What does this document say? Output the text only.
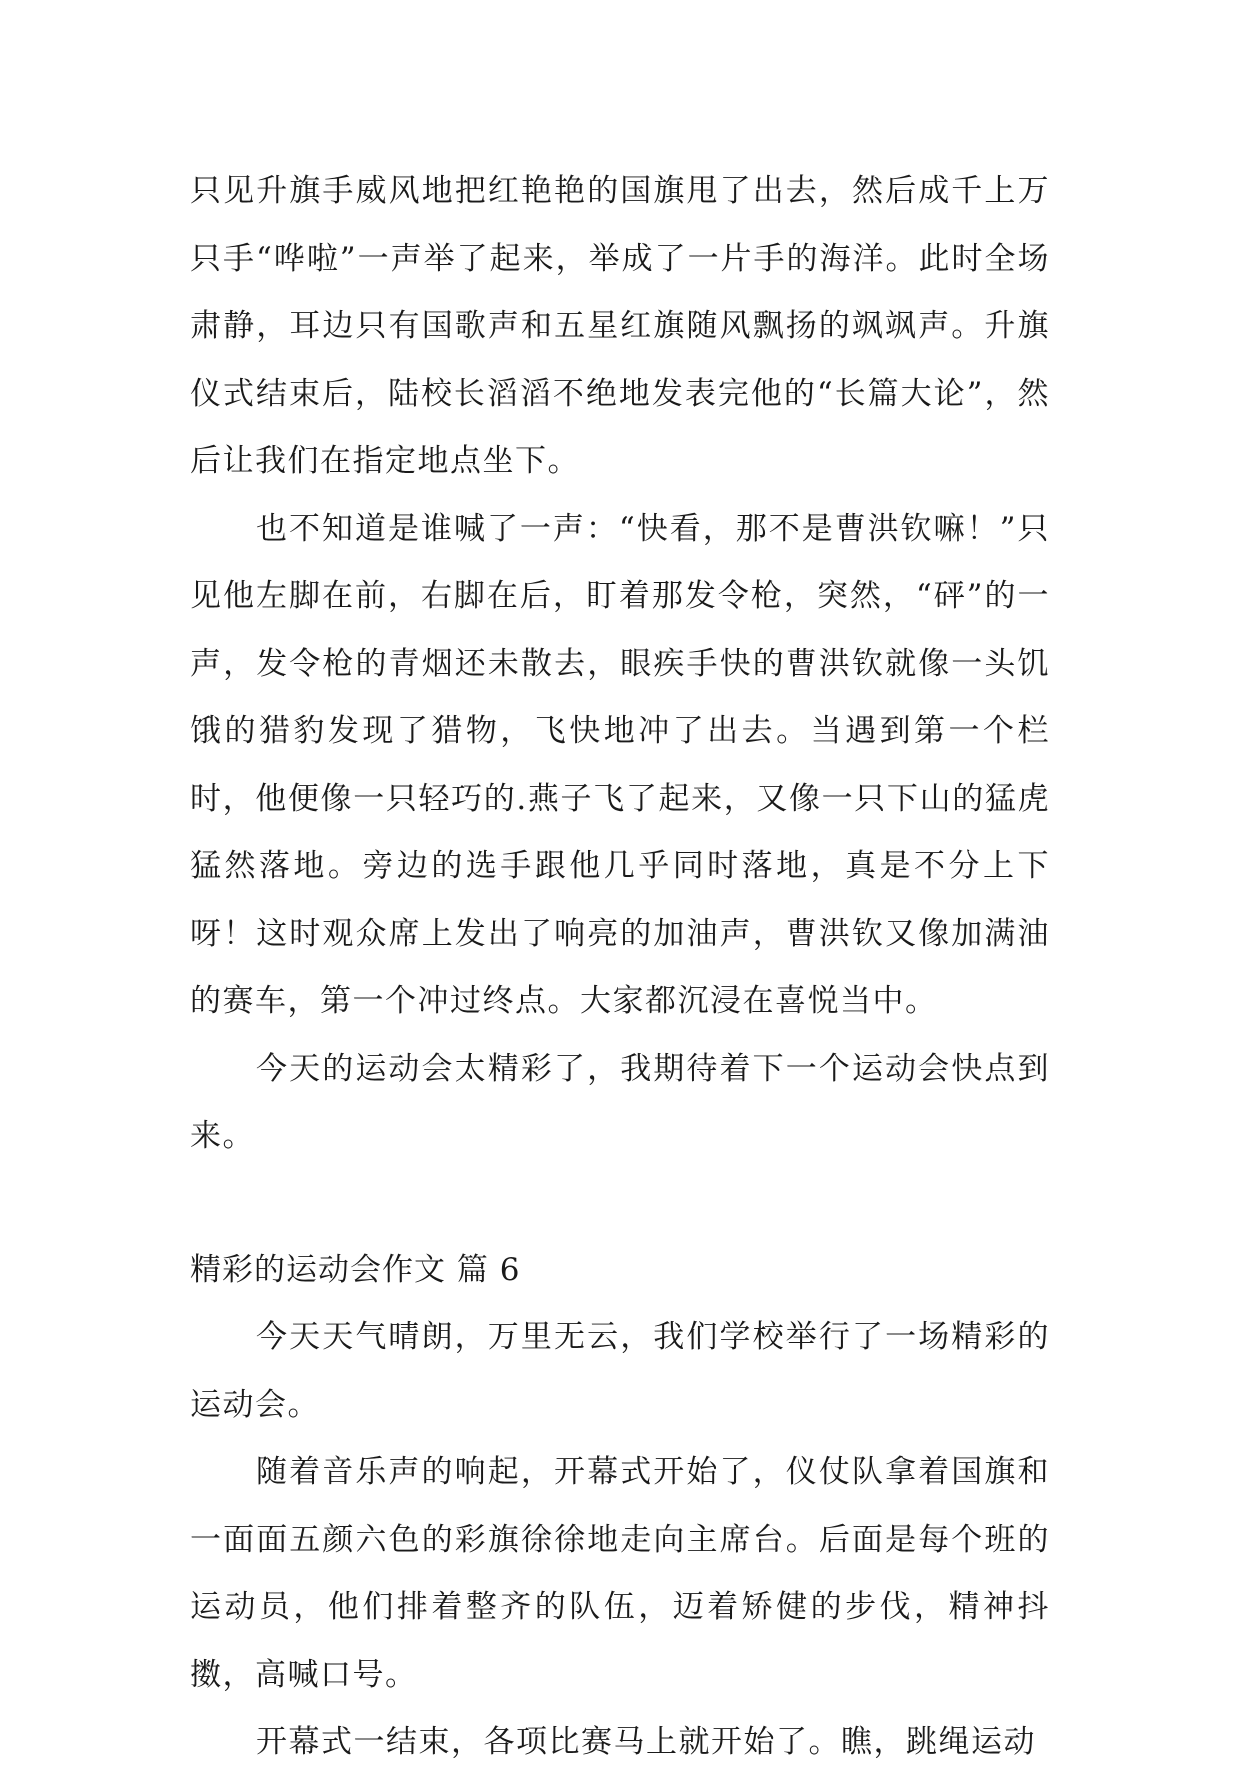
只见升旗手威风地把红艳艳的国旗甩了出去，然后成千上万只手“哗啦”一声举了起来，举成了一片手的海洋。此时全场肃静，耳边只有国歌声和五星红旗随风飘扬的飒飒声。升旗仪式结束后，陆校长滔滔不绝地发表完他的“长篇大论”，然后让我们在指定地点坐下。

也不知道是谁喊了一声：“快看，那不是曹洪钦嘛！”只见他左脚在前，右脚在后，盯着那发令枪，突然，“砰”的一声，发令枪的青烟还未散去，眼疾手快的曹洪钦就像一头饥饿的猎豹发现了猎物，飞快地冲了出去。当遇到第一个栏时，他便像一只轻巧的.燕子飞了起来，又像一只下山的猛虎猛然落地。旁边的选手跟他几乎同时落地，真是不分上下呀！这时观众席上发出了响亮的加油声，曹洪钦又像加满油的赛车，第一个冲过终点。大家都沉浸在喜悦当中。

今天的运动会太精彩了，我期待着下一个运动会快点到来。

精彩的运动会作文 篇 6

今天天气晴朗，万里无云，我们学校举行了一场精彩的运动会。

随着音乐声的响起，开幕式开始了，仪仗队拿着国旗和一面面五颜六色的彩旗徐徐地走向主席台。后面是每个班的运动员，他们排着整齐的队伍，迈着矫健的步伐，精神抖擞，高喊口号。

开幕式一结束，各项比赛马上就开始了。瞧，跳绳运动
